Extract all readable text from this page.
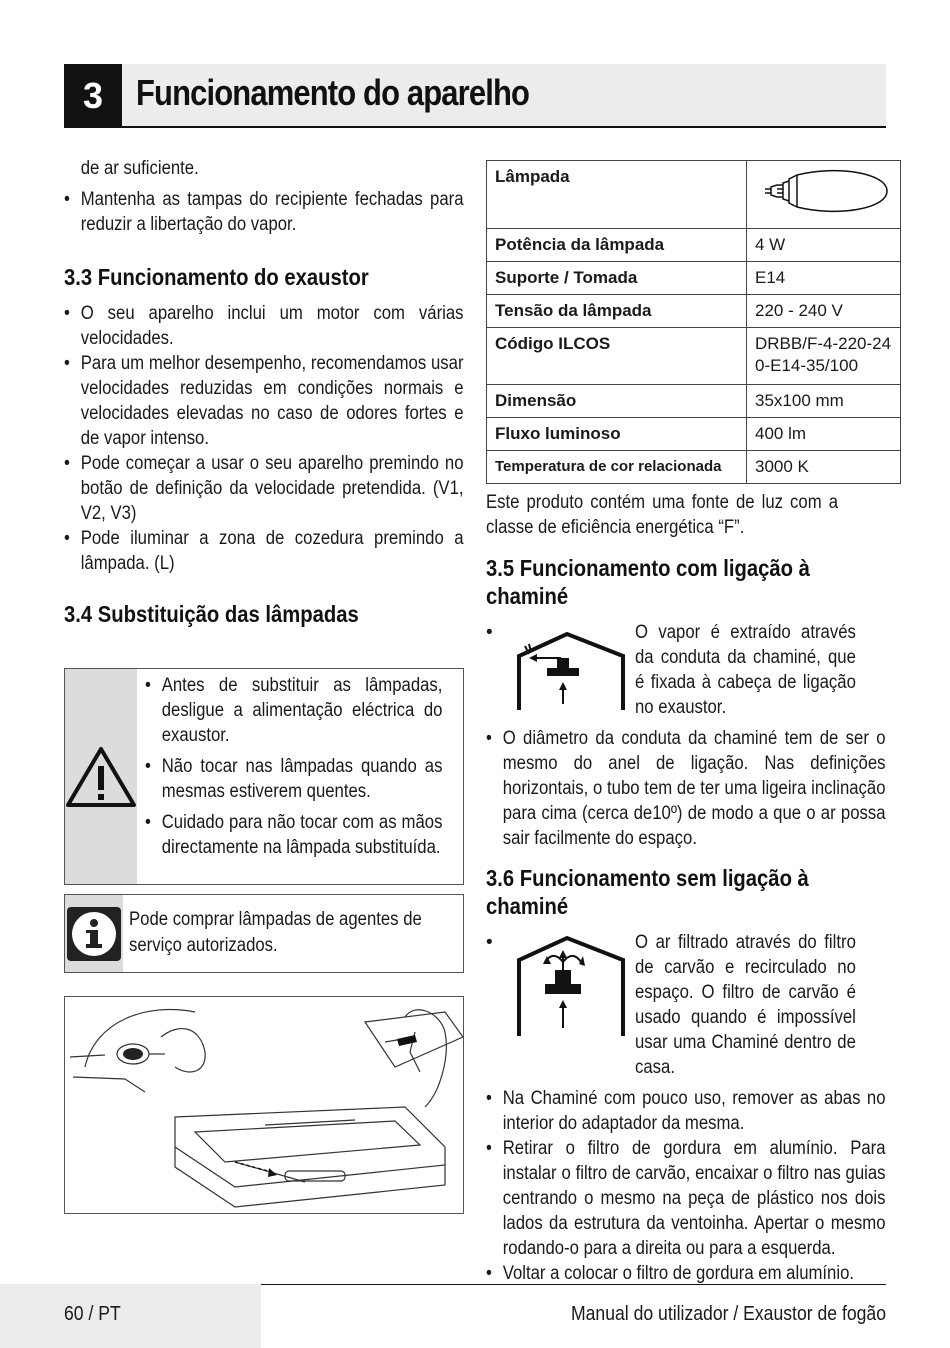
3 Funcionamento do aparelho

de ar suficiente.

• Mantenha as tampas do recipiente fechadas para reduzir a libertação do vapor.

3.3 Funcionamento do exaustor

• O seu aparelho inclui um motor com várias velocidades.

• Para um melhor desempenho, recomendamos usar velocidades reduzidas em condições normais e velocidades elevadas no caso de odores fortes e de vapor intenso.

• Pode começar a usar o seu aparelho premindo no botão de definição da velocidade pretendida. (V1, V2, V3)

• Pode iluminar a zona de cozedura premindo a lâmpada. (L)

3.4 Substituição das lâmpadas

• Antes de substituir as lâmpadas, desligue a alimentação eléctrica do exaustor.

• Não tocar nas lâmpadas quando as mesmas estiverem quentes.

• Cuidado para não tocar com as mãos directamente na lâmpada substituída.

Pode comprar lâmpadas de agentes de serviço autorizados.

Lâmpada	
Potência da lâmpada	4 W
Suporte / Tomada	E14
Tensão da lâmpada	220 - 240 V
Código ILCOS	DRBB/F-4-220-240-E14-35/100
Dimensão	35x100 mm
Fluxo luminoso	400 lm
Temperatura de cor relacionada	3000 K

Este produto contém uma fonte de luz com a classe de eficiência energética “F”.

3.5 Funcionamento com ligação à chaminé
•	O vapor é extraído através da conduta da chaminé, que é fixada à cabeça de ligação no exaustor.

• O diâmetro da conduta da chaminé tem de ser o mesmo do anel de ligação. Nas definições horizontais, o tubo tem de ter uma ligeira inclinação para cima (cerca de10º) de modo a que o ar possa sair facilmente do espaço.

3.6 Funcionamento sem ligação à chaminé
•	O ar filtrado através do filtro de carvão e recirculado no espaço. O filtro de carvão é usado quando é impossível usar uma Chaminé dentro de casa.

• Na Chaminé com pouco uso, remover as abas no interior do adaptador da mesma.

• Retirar o filtro de gordura em alumínio. Para instalar o filtro de carvão, encaixar o filtro nas guias centrando o mesmo na peça de plástico nos dois lados da estrutura da ventoinha. Apertar o mesmo rodando-o para a direita ou para a esquerda.

• Voltar a colocar o filtro de gordura em alumínio.

60 / PT	Manual do utilizador / Exaustor de fogão
